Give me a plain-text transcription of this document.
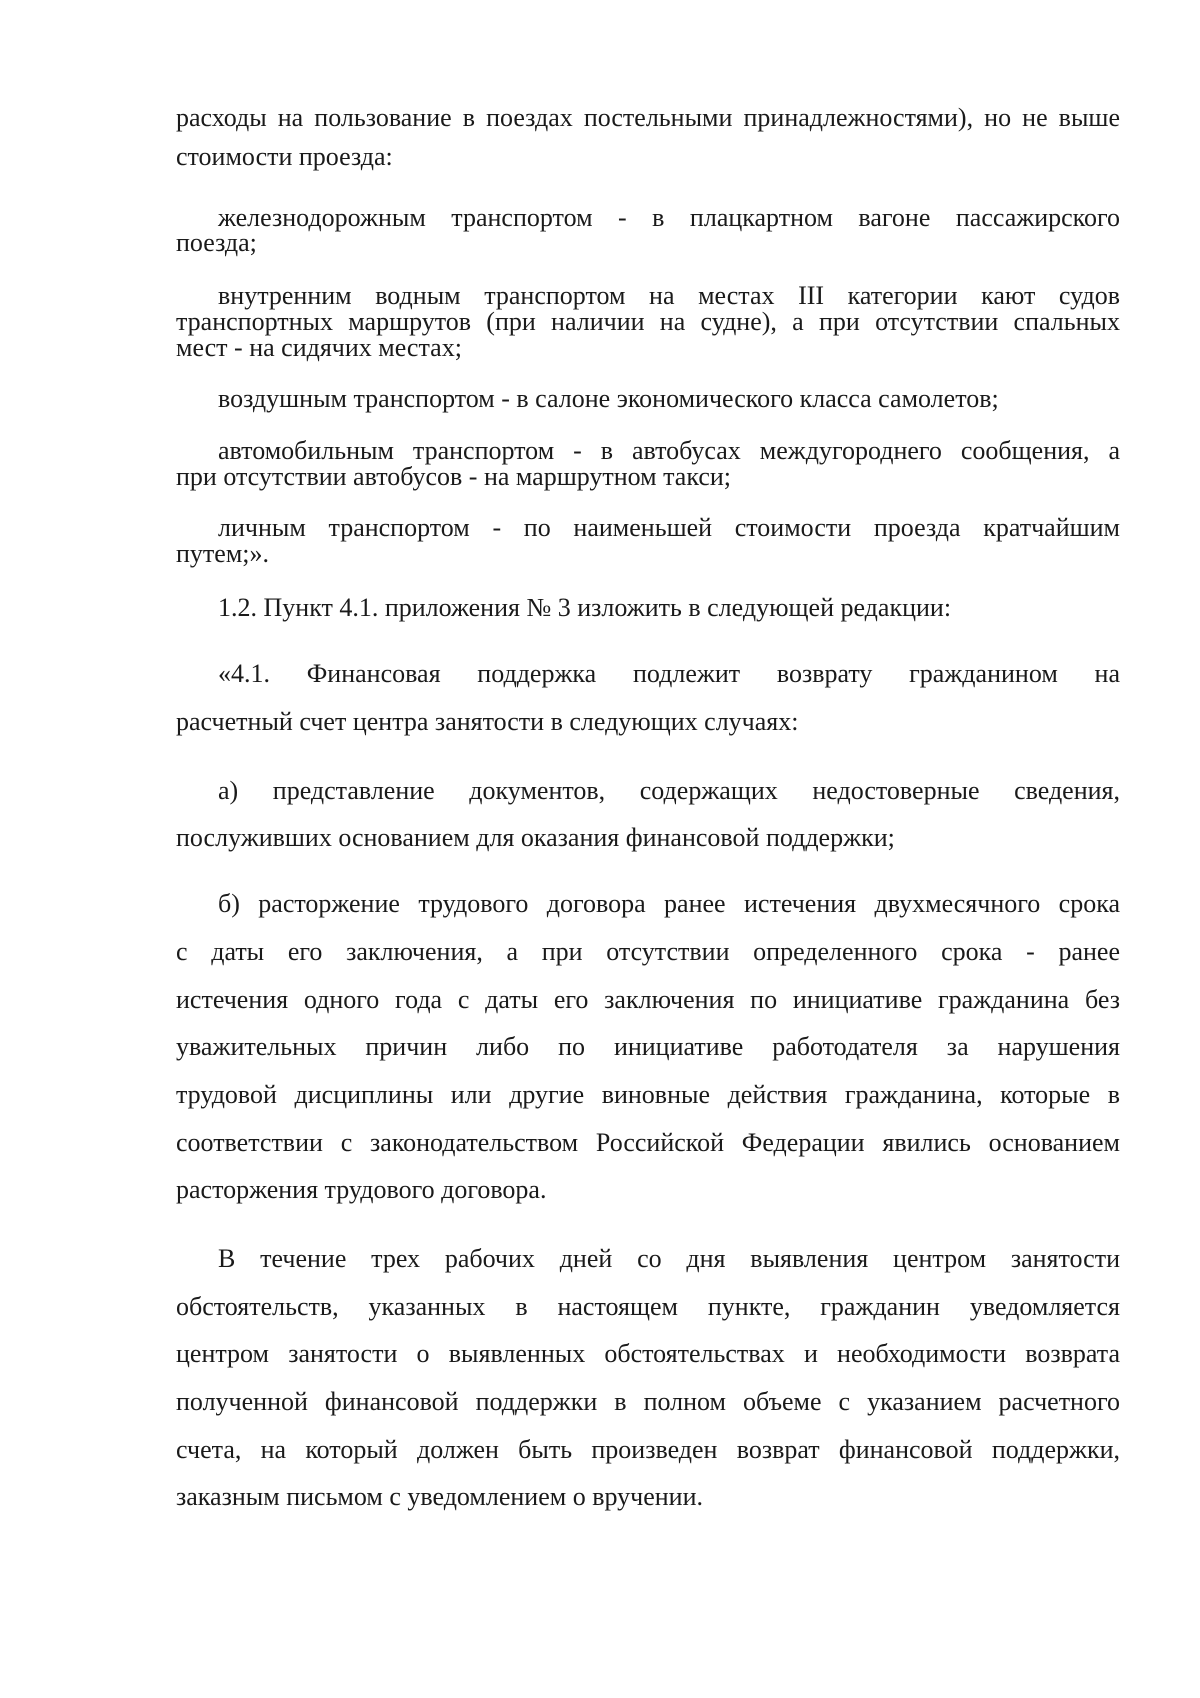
расходы на пользование в поездах постельными принадлежностями), но не выше

стоимости проезда:

железнодорожным транспортом - в плацкартном вагоне пассажирского

поезда;

внутренним водным транспортом на местах III категории кают судов

транспортных маршрутов (при наличии на судне), а при отсутствии спальных

мест - на сидячих местах;

воздушным транспортом - в салоне экономического класса самолетов;

автомобильным транспортом - в автобусах междугороднего сообщения, а

при отсутствии автобусов - на маршрутном такси;

личным транспортом - по наименьшей стоимости проезда кратчайшим

путем;».

1.2. Пункт 4.1. приложения № 3 изложить в следующей редакции:

«4.1. Финансовая поддержка подлежит возврату гражданином на

расчетный счет центра занятости в следующих случаях:

а) представление документов, содержащих недостоверные сведения,

послуживших основанием для оказания финансовой поддержки;

б) расторжение трудового договора ранее истечения двухмесячного срока

с даты его заключения, а при отсутствии определенного срока - ранее

истечения одного года с даты его заключения по инициативе гражданина без

уважительных причин либо по инициативе работодателя за нарушения

трудовой дисциплины или другие виновные действия гражданина, которые в

соответствии с законодательством Российской Федерации явились основанием

расторжения трудового договора.

В течение трех рабочих дней со дня выявления центром занятости

обстоятельств, указанных в настоящем пункте, гражданин уведомляется

центром занятости о выявленных обстоятельствах и необходимости возврата

полученной финансовой поддержки в полном объеме с указанием расчетного

счета, на который должен быть произведен возврат финансовой поддержки,

заказным письмом с уведомлением о вручении.
